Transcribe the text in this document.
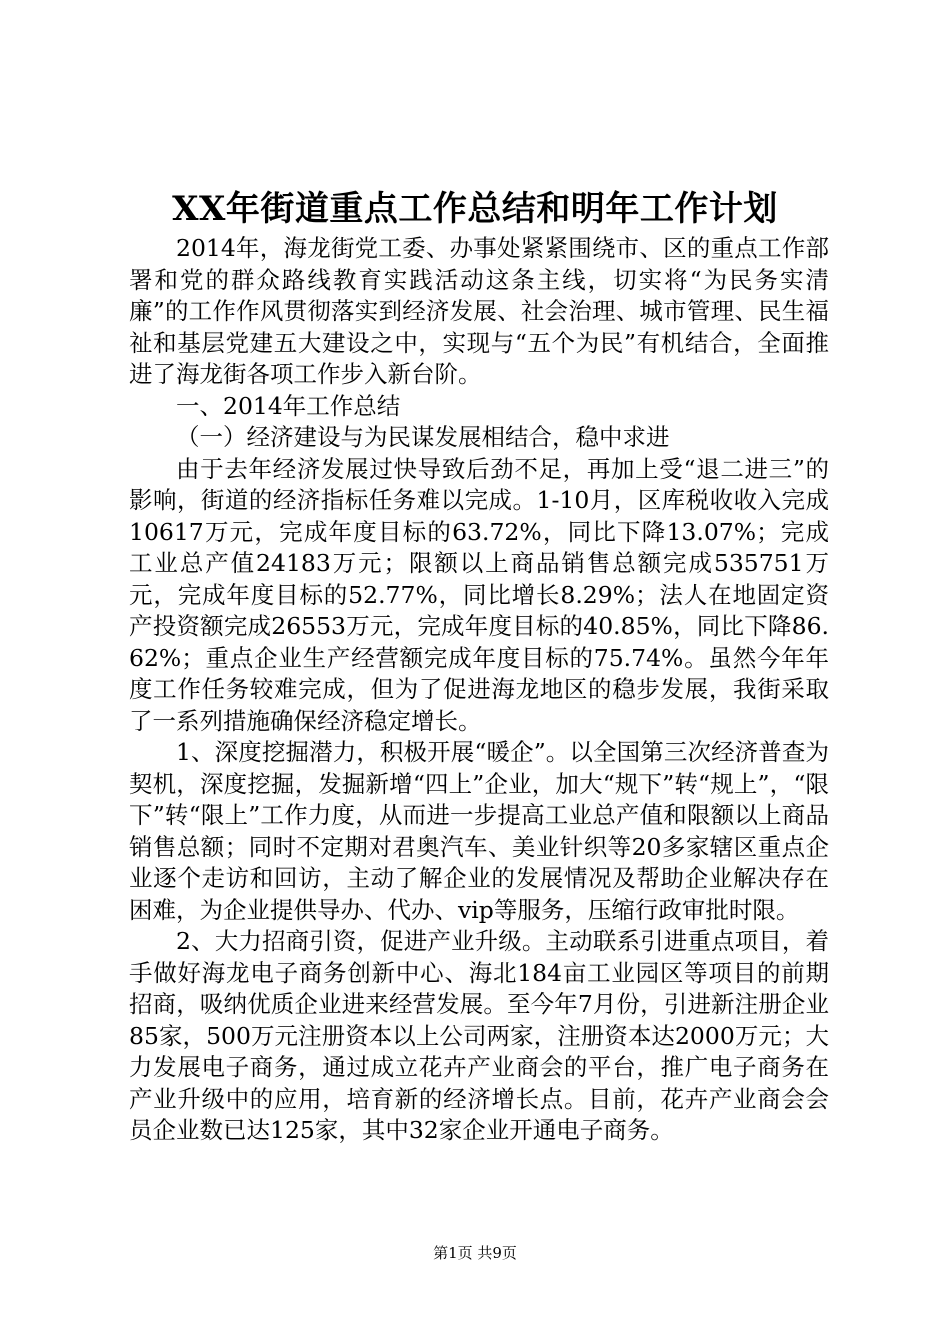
XX年街道重点工作总结和明年工作计划

2014年，海龙街党工委、办事处紧紧围绕市、区的重点工作部署和党的群众路线教育实践活动这条主线，切实将“为民务实清廉”的工作作风贯彻落实到经济发展、社会治理、城市管理、民生福祉和基层党建五大建设之中，实现与“五个为民”有机结合，全面推进了海龙街各项工作步入新台阶。

一、2014年工作总结

（一）经济建设与为民谋发展相结合，稳中求进

由于去年经济发展过快导致后劲不足，再加上受“退二进三”的影响，街道的经济指标任务难以完成。1-10月，区库税收收入完成10617万元，完成年度目标的63.72%，同比下降13.07%；完成工业总产值24183万元；限额以上商品销售总额完成535751万元，完成年度目标的52.77%，同比增长8.29%；法人在地固定资产投资额完成26553万元，完成年度目标的40.85%，同比下降86.62%；重点企业生产经营额完成年度目标的75.74%。虽然今年年度工作任务较难完成，但为了促进海龙地区的稳步发展，我街采取了一系列措施确保经济稳定增长。

1、深度挖掘潜力，积极开展“暖企”。以全国第三次经济普查为契机，深度挖掘，发掘新增“四上”企业，加大“规下”转“规上”，“限下”转“限上”工作力度，从而进一步提高工业总产值和限额以上商品销售总额；同时不定期对君奥汽车、美业针织等20多家辖区重点企业逐个走访和回访，主动了解企业的发展情况及帮助企业解决存在困难，为企业提供导办、代办、vip等服务，压缩行政审批时限。

2、大力招商引资，促进产业升级。主动联系引进重点项目，着手做好海龙电子商务创新中心、海北184亩工业园区等项目的前期招商，吸纳优质企业进来经营发展。至今年7月份，引进新注册企业85家，500万元注册资本以上公司两家，注册资本达2000万元；大力发展电子商务，通过成立花卉产业商会的平台，推广电子商务在产业升级中的应用，培育新的经济增长点。目前，花卉产业商会会员企业数已达125家，其中32家企业开通电子商务。

第1页 共9页
